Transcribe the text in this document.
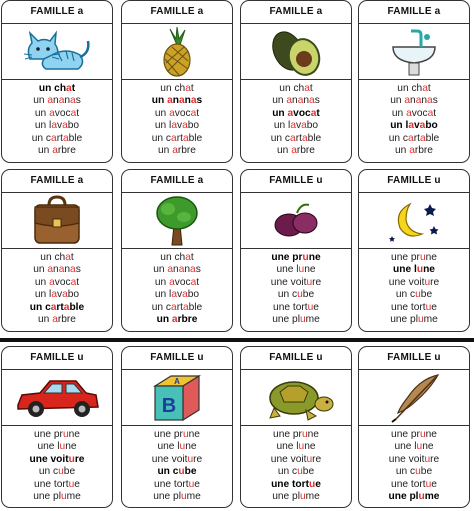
FAMILLE a
un chat
un ananas
un avocat
un lavabo
un cartable
un arbre
FAMILLE a
un chat
un ananas
un avocat
un lavabo
un cartable
un arbre
FAMILLE a
un chat
un ananas
un avocat
un lavabo
un cartable
un arbre
FAMILLE a
un chat
un ananas
un avocat
un lavabo
un cartable
un arbre
FAMILLE a
un chat
un ananas
un avocat
un lavabo
un cartable
un arbre
FAMILLE a
un chat
un ananas
un avocat
un lavabo
un cartable
un arbre
FAMILLE u
une prune
une lune
une voiture
un cube
une tortue
une plume
FAMILLE u
une prune
une lune
une voiture
un cube
une tortue
une plume
FAMILLE u
une prune
une lune
une voiture
un cube
une tortue
une plume
FAMILLE u
B
A
une prune
une lune
une voiture
un cube
une tortue
une plume
FAMILLE u
une prune
une lune
une voiture
un cube
une tortue
une plume
FAMILLE u
une prune
une lune
une voiture
un cube
une tortue
une plume
